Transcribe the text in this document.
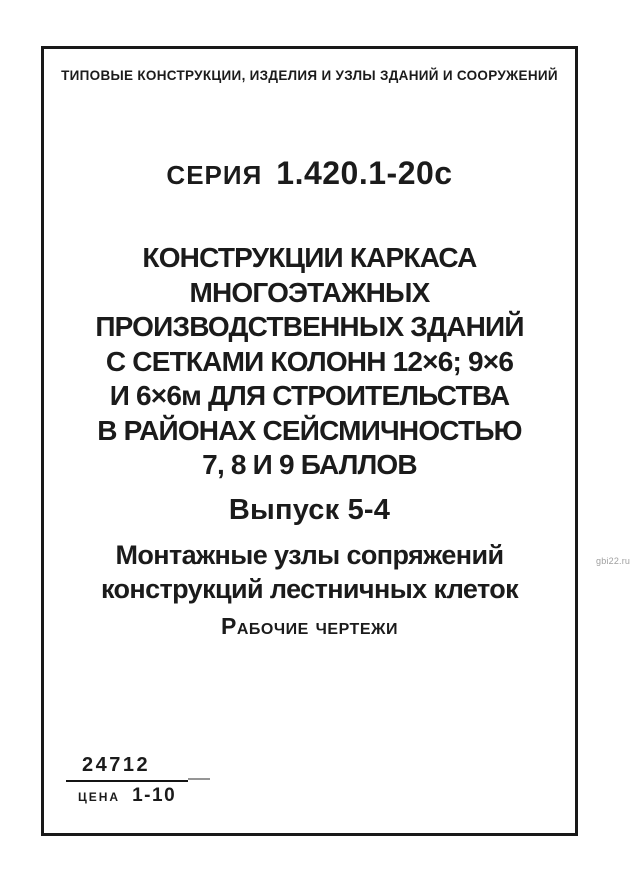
ТИПОВЫЕ КОНСТРУКЦИИ, ИЗДЕЛИЯ И УЗЛЫ ЗДАНИЙ И СООРУЖЕНИЙ
СЕРИЯ 1.420.1-20с
КОНСТРУКЦИИ КАРКАСА
МНОГОЭТАЖНЫХ
ПРОИЗВОДСТВЕННЫХ ЗДАНИЙ
С СЕТКАМИ КОЛОНН 12×6; 9×6
И 6×6м ДЛЯ СТРОИТЕЛЬСТВА
В РАЙОНАХ СЕЙСМИЧНОСТЬЮ
7, 8 И 9 БАЛЛОВ
Выпуск 5-4
Монтажные узлы сопряжений
конструкций лестничных клеток
Рабочие чертежи
24712
ЦЕНА 1-10
gbi22.ru
